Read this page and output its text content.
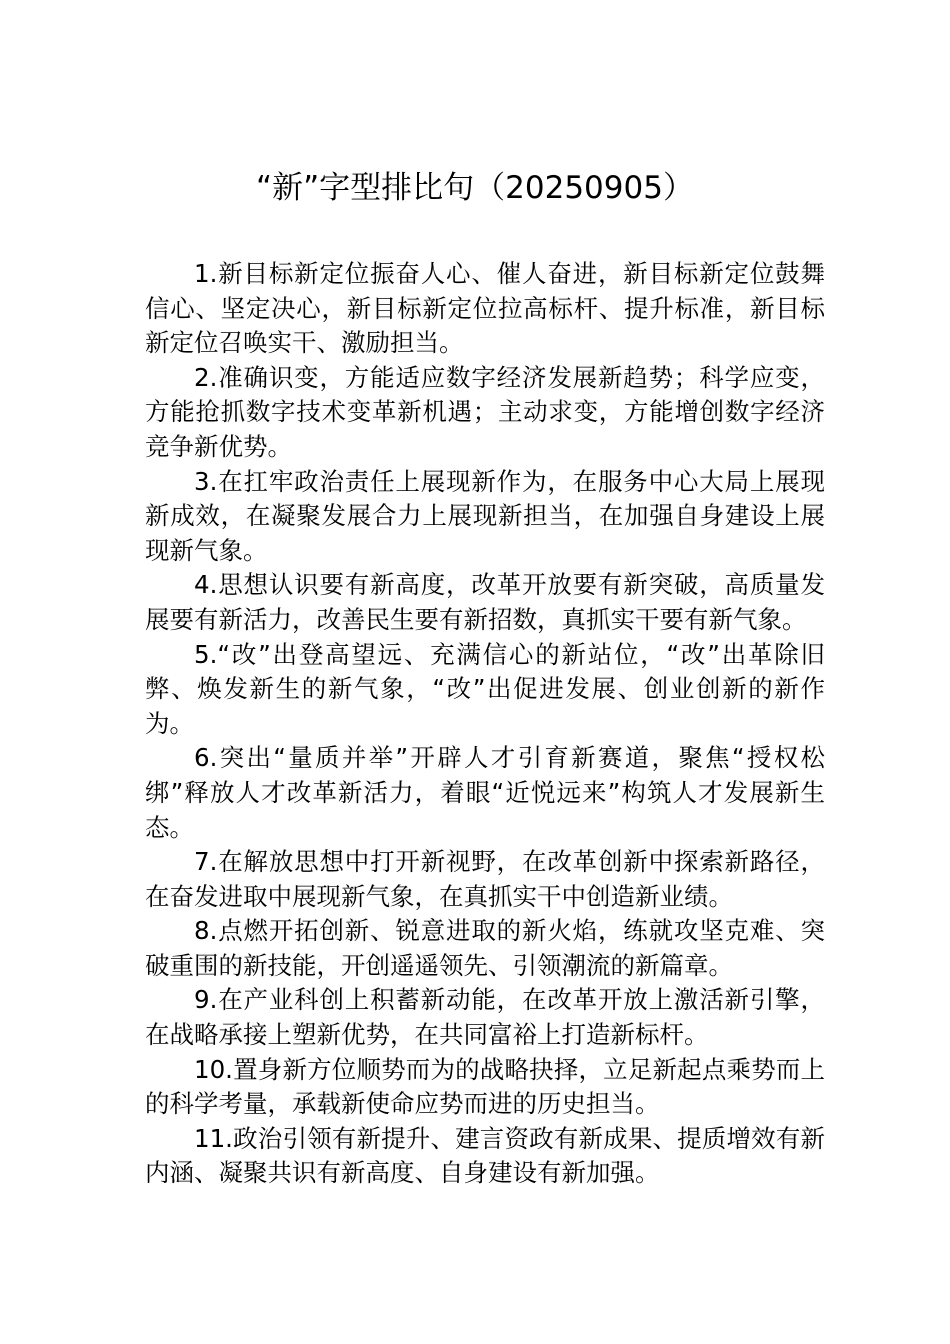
“新”字型排比句（20250905）

1.新目标新定位振奋人心、催人奋进，新目标新定位鼓舞信心、坚定决心，新目标新定位拉高标杆、提升标准，新目标新定位召唤实干、激励担当。

2.准确识变，方能适应数字经济发展新趋势；科学应变，方能抢抓数字技术变革新机遇；主动求变，方能增创数字经济竞争新优势。

3.在扛牢政治责任上展现新作为，在服务中心大局上展现新成效，在凝聚发展合力上展现新担当，在加强自身建设上展现新气象。

4.思想认识要有新高度，改革开放要有新突破，高质量发展要有新活力，改善民生要有新招数，真抓实干要有新气象。

5.“改”出登高望远、充满信心的新站位，“改”出革除旧弊、焕发新生的新气象，“改”出促进发展、创业创新的新作为。

6.突出“量质并举”开辟人才引育新赛道，聚焦“授权松绑”释放人才改革新活力，着眼“近悦远来”构筑人才发展新生态。

7.在解放思想中打开新视野，在改革创新中探索新路径，在奋发进取中展现新气象，在真抓实干中创造新业绩。

8.点燃开拓创新、锐意进取的新火焰，练就攻坚克难、突破重围的新技能，开创遥遥领先、引领潮流的新篇章。

9.在产业科创上积蓄新动能，在改革开放上激活新引擎，在战略承接上塑新优势，在共同富裕上打造新标杆。

10.置身新方位顺势而为的战略抉择，立足新起点乘势而上的科学考量，承载新使命应势而进的历史担当。

11.政治引领有新提升、建言资政有新成果、提质增效有新内涵、凝聚共识有新高度、自身建设有新加强。
